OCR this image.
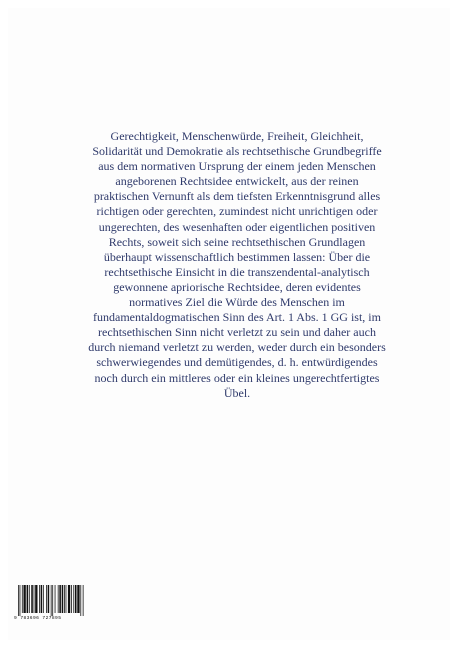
Gerechtigkeit, Menschenwürde, Freiheit, Gleichheit,
Solidarität und Demokratie als rechtsethische Grundbegriffe
aus dem normativen Ursprung der einem jeden Menschen
angeborenen Rechtsidee entwickelt, aus der reinen
praktischen Vernunft als dem tiefsten Erkenntnisgrund alles
richtigen oder gerechten, zumindest nicht unrichtigen oder
ungerechten, des wesenhaften oder eigentlichen positiven
Rechts, soweit sich seine rechtsethischen Grundlagen
überhaupt wissenschaftlich bestimmen lassen: Über die
rechtsethische Einsicht in die transzendental-analytisch
gewonnene apriorische Rechtsidee, deren evidentes
normatives Ziel die Würde des Menschen im
fundamentaldogmatischen Sinn des Art. 1 Abs. 1 GG ist, im
rechtsethischen Sinn nicht verletzt zu sein und daher auch
durch niemand verletzt zu werden, weder durch ein besonders
schwerwiegendes und demütigendes, d. h. entwürdigendes
noch durch ein mittleres oder ein kleines ungerechtfertigtes
Übel.

9 783696 727895
